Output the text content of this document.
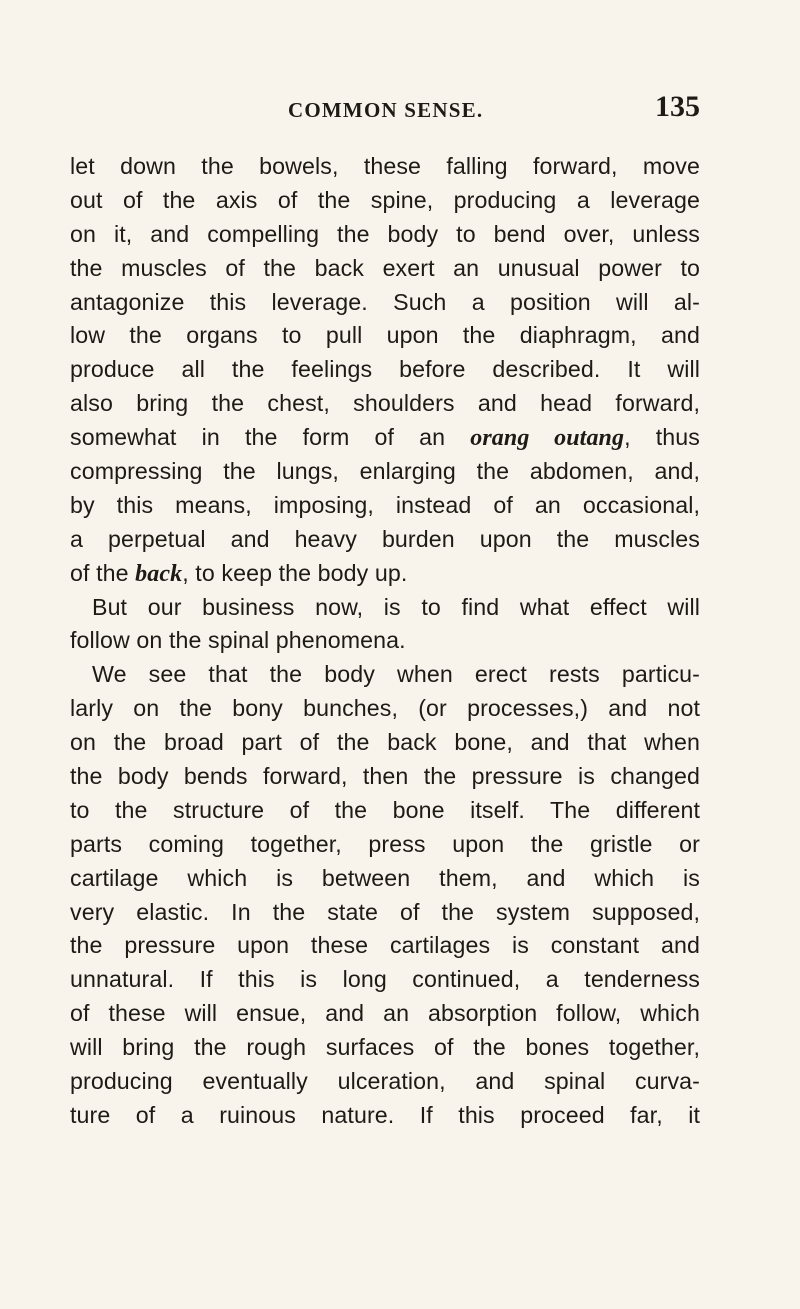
COMMON SENSE.	135
let down the bowels, these falling forward, move
out of the axis of the spine, producing a leverage
on it, and compelling the body to bend over, unless
the muscles of the back exert an unusual power to
antagonize this leverage. Such a position will al-
low the organs to pull upon the diaphragm, and
produce all the feelings before described. It will
also bring the chest, shoulders and head forward,
somewhat in the form of an orang outang, thus
compressing the lungs, enlarging the abdomen, and,
by this means, imposing, instead of an occasional,
a perpetual and heavy burden upon the muscles
of the back, to keep the body up.
But our business now, is to find what effect will
follow on the spinal phenomena.
We see that the body when erect rests particu-
larly on the bony bunches, (or processes,) and not
on the broad part of the back bone, and that when
the body bends forward, then the pressure is changed
to the structure of the bone itself. The different
parts coming together, press upon the gristle or
cartilage which is between them, and which is
very elastic. In the state of the system supposed,
the pressure upon these cartilages is constant and
unnatural. If this is long continued, a tenderness
of these will ensue, and an absorption follow, which
will bring the rough surfaces of the bones together,
producing eventually ulceration, and spinal curva-
ture of a ruinous nature. If this proceed far, it
